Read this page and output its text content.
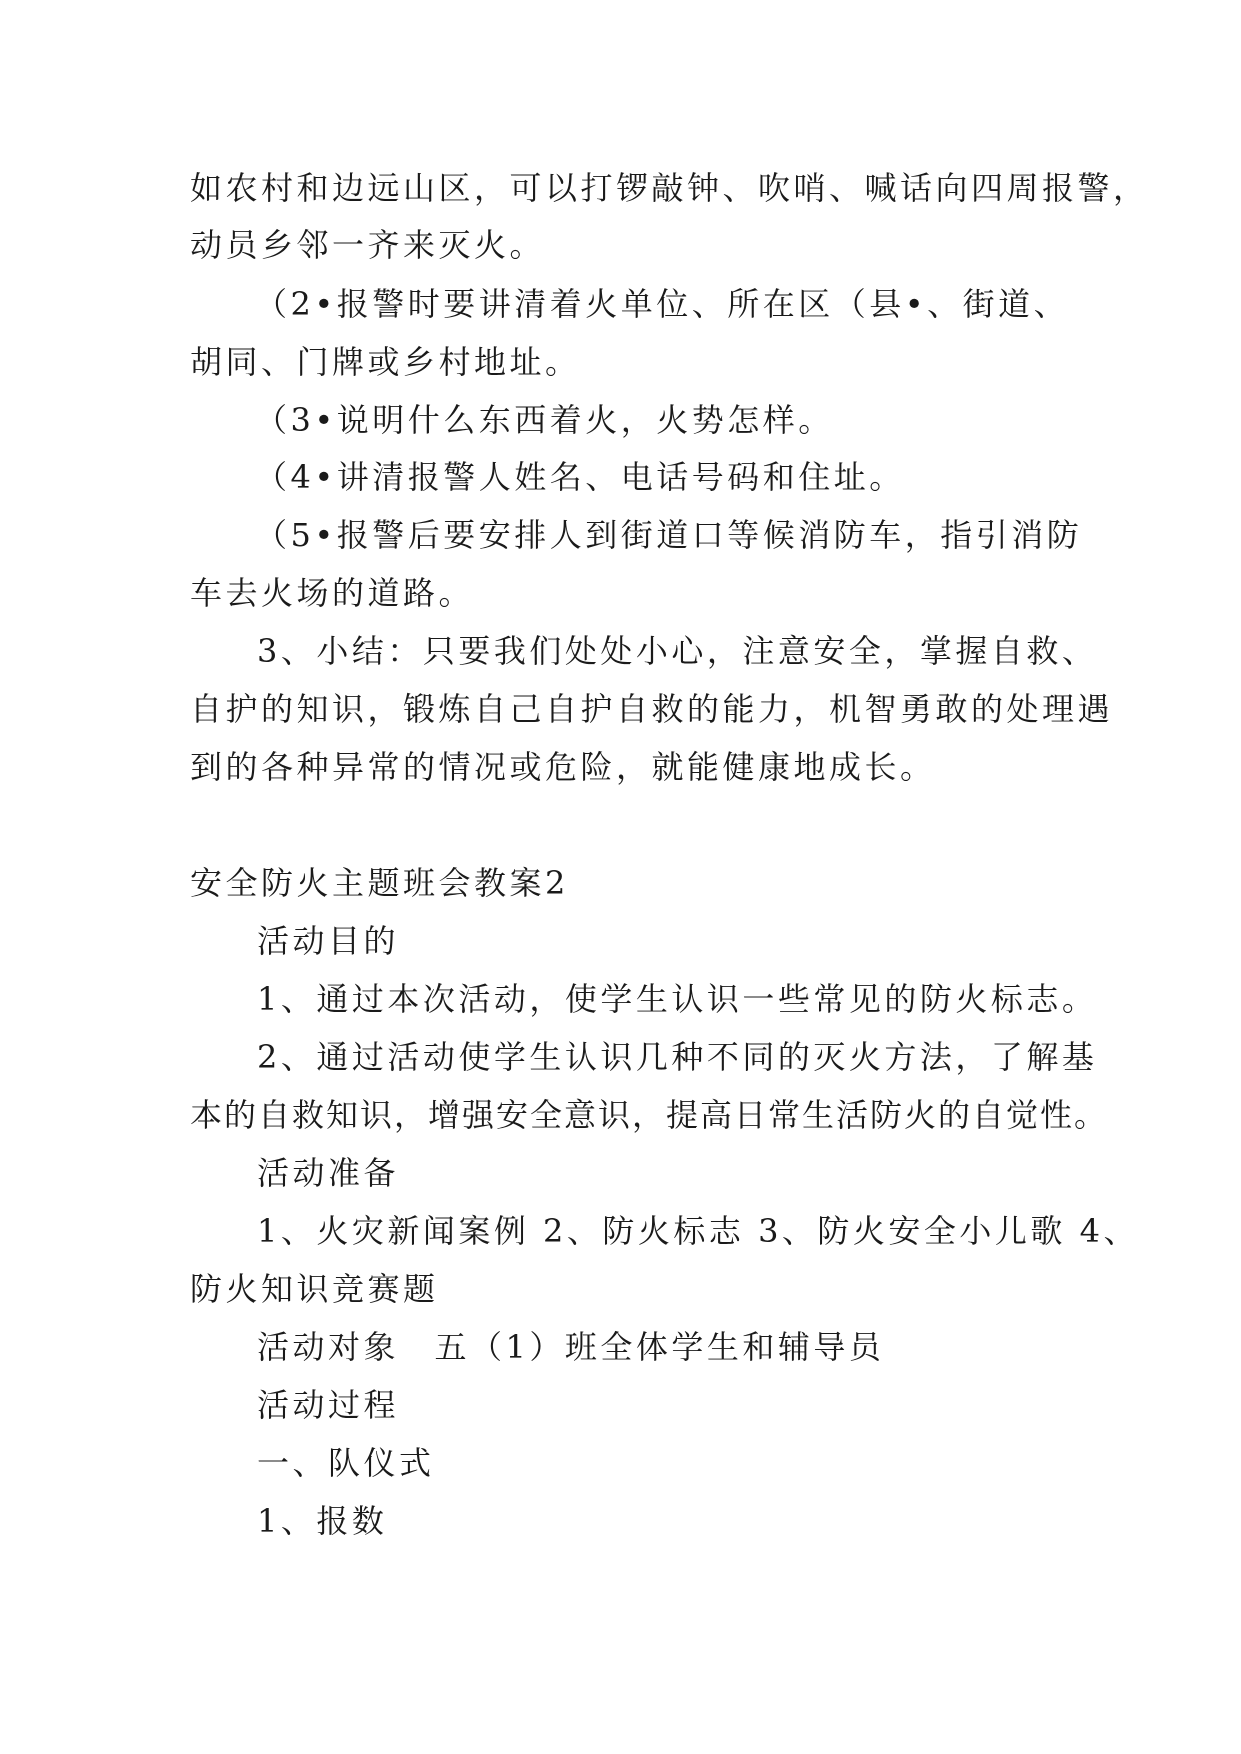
如农村和边远山区，可以打锣敲钟、吹哨、喊话向四周报警，
动员乡邻一齐来灭火。
（2•报警时要讲清着火单位、所在区（县•、街道、
胡同、门牌或乡村地址。
（3•说明什么东西着火，火势怎样。
（4•讲清报警人姓名、电话号码和住址。
（5•报警后要安排人到街道口等候消防车，指引消防
车去火场的道路。
3、小结：只要我们处处小心，注意安全，掌握自救、
自护的知识，锻炼自己自护自救的能力，机智勇敢的处理遇
到的各种异常的情况或危险，就能健康地成长。
安全防火主题班会教案2
活动目的
1、通过本次活动，使学生认识一些常见的防火标志。
2、通过活动使学生认识几种不同的灭火方法，了解基
本的自救知识，增强安全意识，提高日常生活防火的自觉性。
活动准备
1、火灾新闻案例 2、防火标志 3、防火安全小儿歌 4、
防火知识竞赛题
活动对象　五（1）班全体学生和辅导员
活动过程
一、队仪式
1、报数
